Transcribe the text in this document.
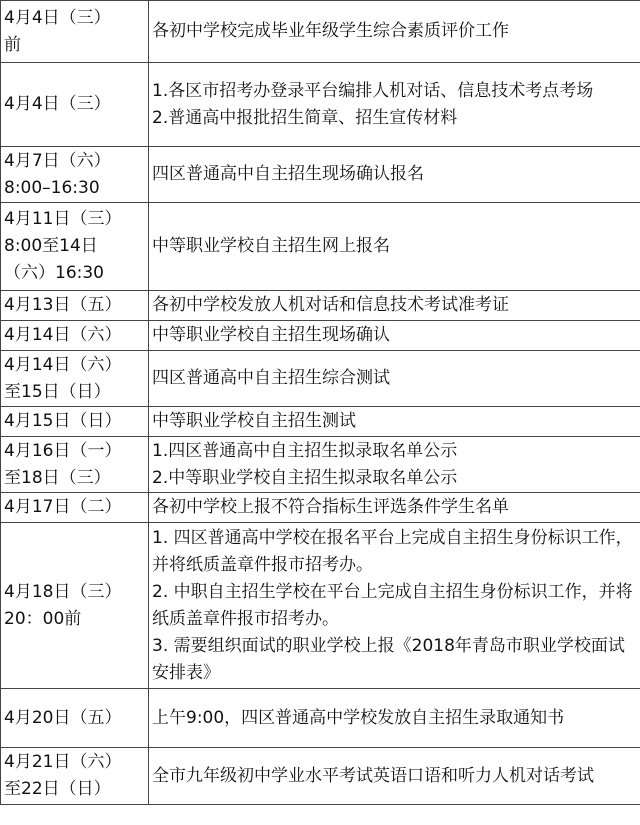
4月4日（三）
前	各初中学校完成毕业年级学生综合素质评价工作

4月4日（三）	1.各区市招考办登录平台编排人机对话、信息技术考点考场
2.普通高中报批招生简章、招生宣传材料

4月7日（六）
8:00–16:30	四区普通高中自主招生现场确认报名

4月11日（三）
8:00至14日
（六）16:30	中等职业学校自主招生网上报名

4月13日（五）	各初中学校发放人机对话和信息技术考试准考证

4月14日（六）	中等职业学校自主招生现场确认

4月14日（六）
至15日（日）	四区普通高中自主招生综合测试

4月15日（日）	中等职业学校自主招生测试

4月16日（一）
至18日（三）	1.四区普通高中自主招生拟录取名单公示
2.中等职业学校自主招生拟录取名单公示

4月17日（二）	各初中学校上报不符合指标生评选条件学生名单

4月18日（三）
20：00前	1. 四区普通高中学校在报名平台上完成自主招生身份标识工作，并将纸质盖章件报市招考办。
2. 中职自主招生学校在平台上完成自主招生身份标识工作，并将纸质盖章件报市招考办。
3. 需要组织面试的职业学校上报《2018年青岛市职业学校面试安排表》

4月20日（五）	上午9:00，四区普通高中学校发放自主招生录取通知书

4月21日（六）
至22日（日）	全市九年级初中学业水平考试英语口语和听力人机对话考试
